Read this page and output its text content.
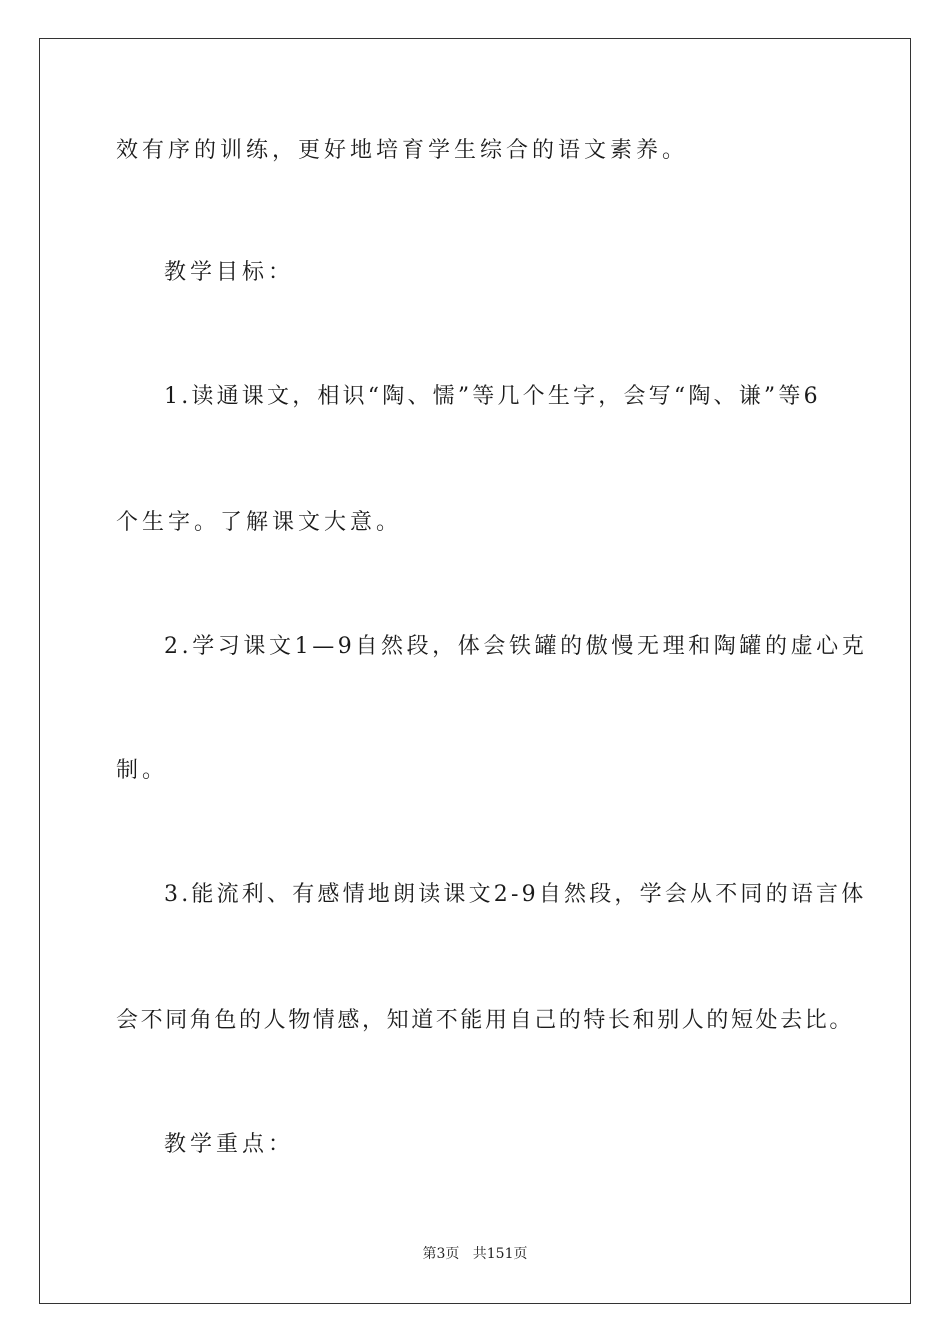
效有序的训练，更好地培育学生综合的语文素养。
教学目标：
1.读通课文，相识“陶、懦”等几个生字，会写“陶、谦”等6
个生字。了解课文大意。
2.学习课文1—9自然段，体会铁罐的傲慢无理和陶罐的虚心克
制。
3.能流利、有感情地朗读课文2-9自然段，学会从不同的语言体
会不同角色的人物情感，知道不能用自己的特长和别人的短处去比。
教学重点：
第3页 共151页
